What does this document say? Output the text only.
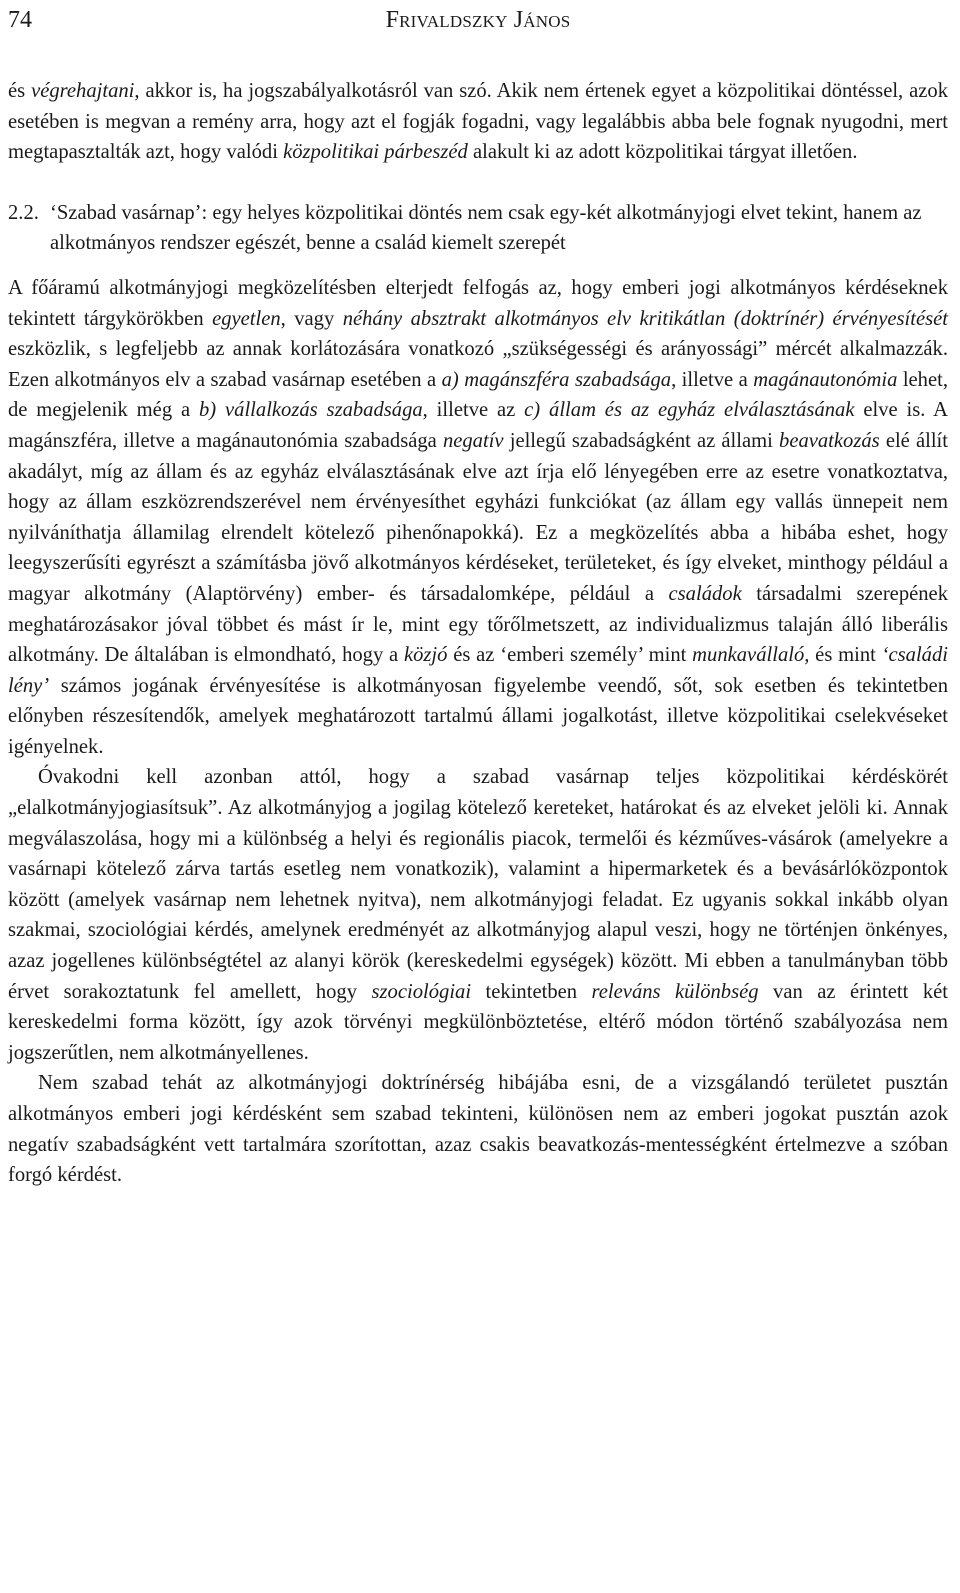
74	Frivaldszky János

és végrehajtani, akkor is, ha jogszabályalkotásról van szó. Akik nem értenek egyet a közpolitikai döntéssel, azok esetében is megvan a remény arra, hogy azt el fogják fogadni, vagy legalábbis abba bele fognak nyugodni, mert megtapasztalták azt, hogy valódi közpolitikai párbeszéd alakult ki az adott közpolitikai tárgyat illetően.

2.2. ‘Szabad vasárnap’: egy helyes közpolitikai döntés nem csak egy-két alkotmányjogi elvet tekint, hanem az alkotmányos rendszer egészét, benne a család kiemelt szerepét

A főáramú alkotmányjogi megközelítésben elterjedt felfogás az, hogy emberi jogi alkotmányos kérdéseknek tekintett tárgykörökben egyetlen, vagy néhány absztrakt alkotmányos elv kritikátlan (doktrínér) érvényesítését eszközlik, s legfeljebb az annak korlátozására vonatkozó „szükségességi és arányossági” mércét alkalmazzák. Ezen alkotmányos elv a szabad vasárnap esetében a a) magánszféra szabadsága, illetve a magánautonómia lehet, de megjelenik még a b) vállalkozás szabadsága, illetve az c) állam és az egyház elválasztásának elve is. A magánszféra, illetve a magánautonómia szabadsága negatív jellegű szabadságként az állami beavatkozás elé állít akadályt, míg az állam és az egyház elválasztásának elve azt írja elő lényegében erre az esetre vonatkoztatva, hogy az állam eszközrendszerével nem érvényesíthet egyházi funkciókat (az állam egy vallás ünnepeit nem nyilváníthatja államilag elrendelt kötelező pihenőnapokká). Ez a megközelítés abba a hibába eshet, hogy leegyszerűsíti egyrészt a számításba jövő alkotmányos kérdéseket, területeket, és így elveket, minthogy például a magyar alkotmány (Alaptörvény) ember- és társadalomképe, például a családok társadalmi szerepének meghatározásakor jóval többet és mást ír le, mint egy tőrőlmetszett, az individualizmus talaján álló liberális alkotmány. De általában is elmondható, hogy a közjó és az ‘emberi személy’ mint munkavállaló, és mint ‘családi lény’ számos jogának érvényesítése is alkotmányosan figyelembe veendő, sőt, sok esetben és tekintetben előnyben részesítendők, amelyek meghatározott tartalmú állami jogalkotást, illetve közpolitikai cselekvéseket igényelnek.

Óvakodni kell azonban attól, hogy a szabad vasárnap teljes közpolitikai kérdéskörét „elalkotmányjogiasítsuk”. Az alkotmányjog a jogilag kötelező kereteket, határokat és az elveket jelöli ki. Annak megválaszolása, hogy mi a különbség a helyi és regionális piacok, termelői és kézműves-vásárok (amelyekre a vasárnapi kötelező zárva tartás esetleg nem vonatkozik), valamint a hipermarketek és a bevásárlóközpontok között (amelyek vasárnap nem lehetnek nyitva), nem alkotmányjogi feladat. Ez ugyanis sokkal inkább olyan szakmai, szociológiai kérdés, amelynek eredményét az alkotmányjog alapul veszi, hogy ne történjen önkényes, azaz jogellenes különbségtétel az alanyi körök (kereskedelmi egységek) között. Mi ebben a tanulmányban több érvet sorakoztatunk fel amellett, hogy szociológiai tekintetben releváns különbség van az érintett két kereskedelmi forma között, így azok törvényi megkülönböztetése, eltérő módon történő szabályozása nem jogszerűtlen, nem alkotmányellenes.

Nem szabad tehát az alkotmányjogi doktrínérség hibájába esni, de a vizsgálandó területet pusztán alkotmányos emberi jogi kérdésként sem szabad tekinteni, különösen nem az emberi jogokat pusztán azok negatív szabadságként vett tartalmára szorítottan, azaz csakis beavatkozás-mentességként értelmezve a szóban forgó kérdést.
